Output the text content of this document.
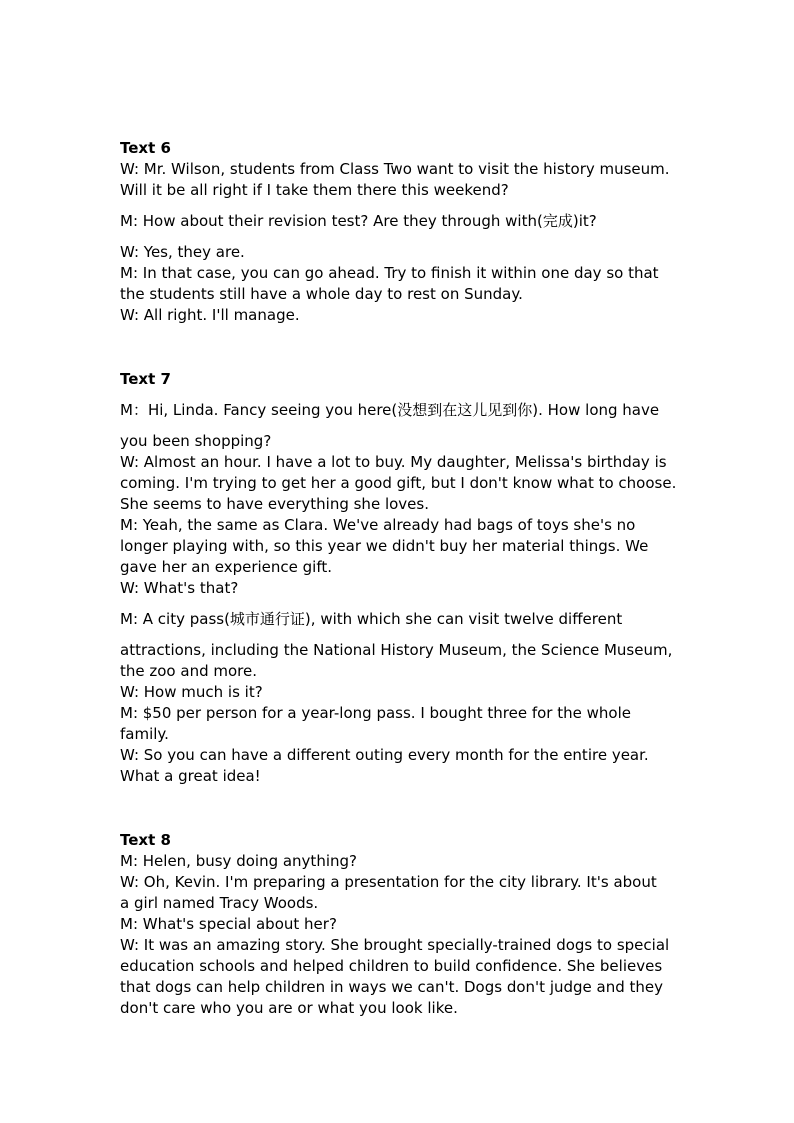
Text 6

W: Mr. Wilson, students from Class Two want to visit the history museum.

Will it be all right if I take them there this weekend?

M: How about their revision test? Are they through with(完成)it?

W: Yes, they are.

M: In that case, you can go ahead. Try to finish it within one day so that

the students still have a whole day to rest on Sunday.

W: All right. I'll manage.

Text 7

M：Hi, Linda. Fancy seeing you here(没想到在这儿见到你). How long have

you been shopping?

W: Almost an hour. I have a lot to buy. My daughter, Melissa's birthday is

coming. I'm trying to get her a good gift, but I don't know what to choose.

She seems to have everything she loves.

M: Yeah, the same as Clara. We've already had bags of toys she's no

longer playing with, so this year we didn't buy her material things. We

gave her an experience gift.

W: What's that?

M: A city pass(城市通行证), with which she can visit twelve different

attractions, including the National History Museum, the Science Museum,

the zoo and more.

W: How much is it?

M: $50 per person for a year-long pass. I bought three for the whole

family.

W: So you can have a different outing every month for the entire year.

What a great idea!

Text 8

M: Helen, busy doing anything?

W: Oh, Kevin. I'm preparing a presentation for the city library. It's about

a girl named Tracy Woods.

M: What's special about her?

W: It was an amazing story. She brought specially-trained dogs to special

education schools and helped children to build confidence. She believes

that dogs can help children in ways we can't. Dogs don't judge and they

don't care who you are or what you look like.
